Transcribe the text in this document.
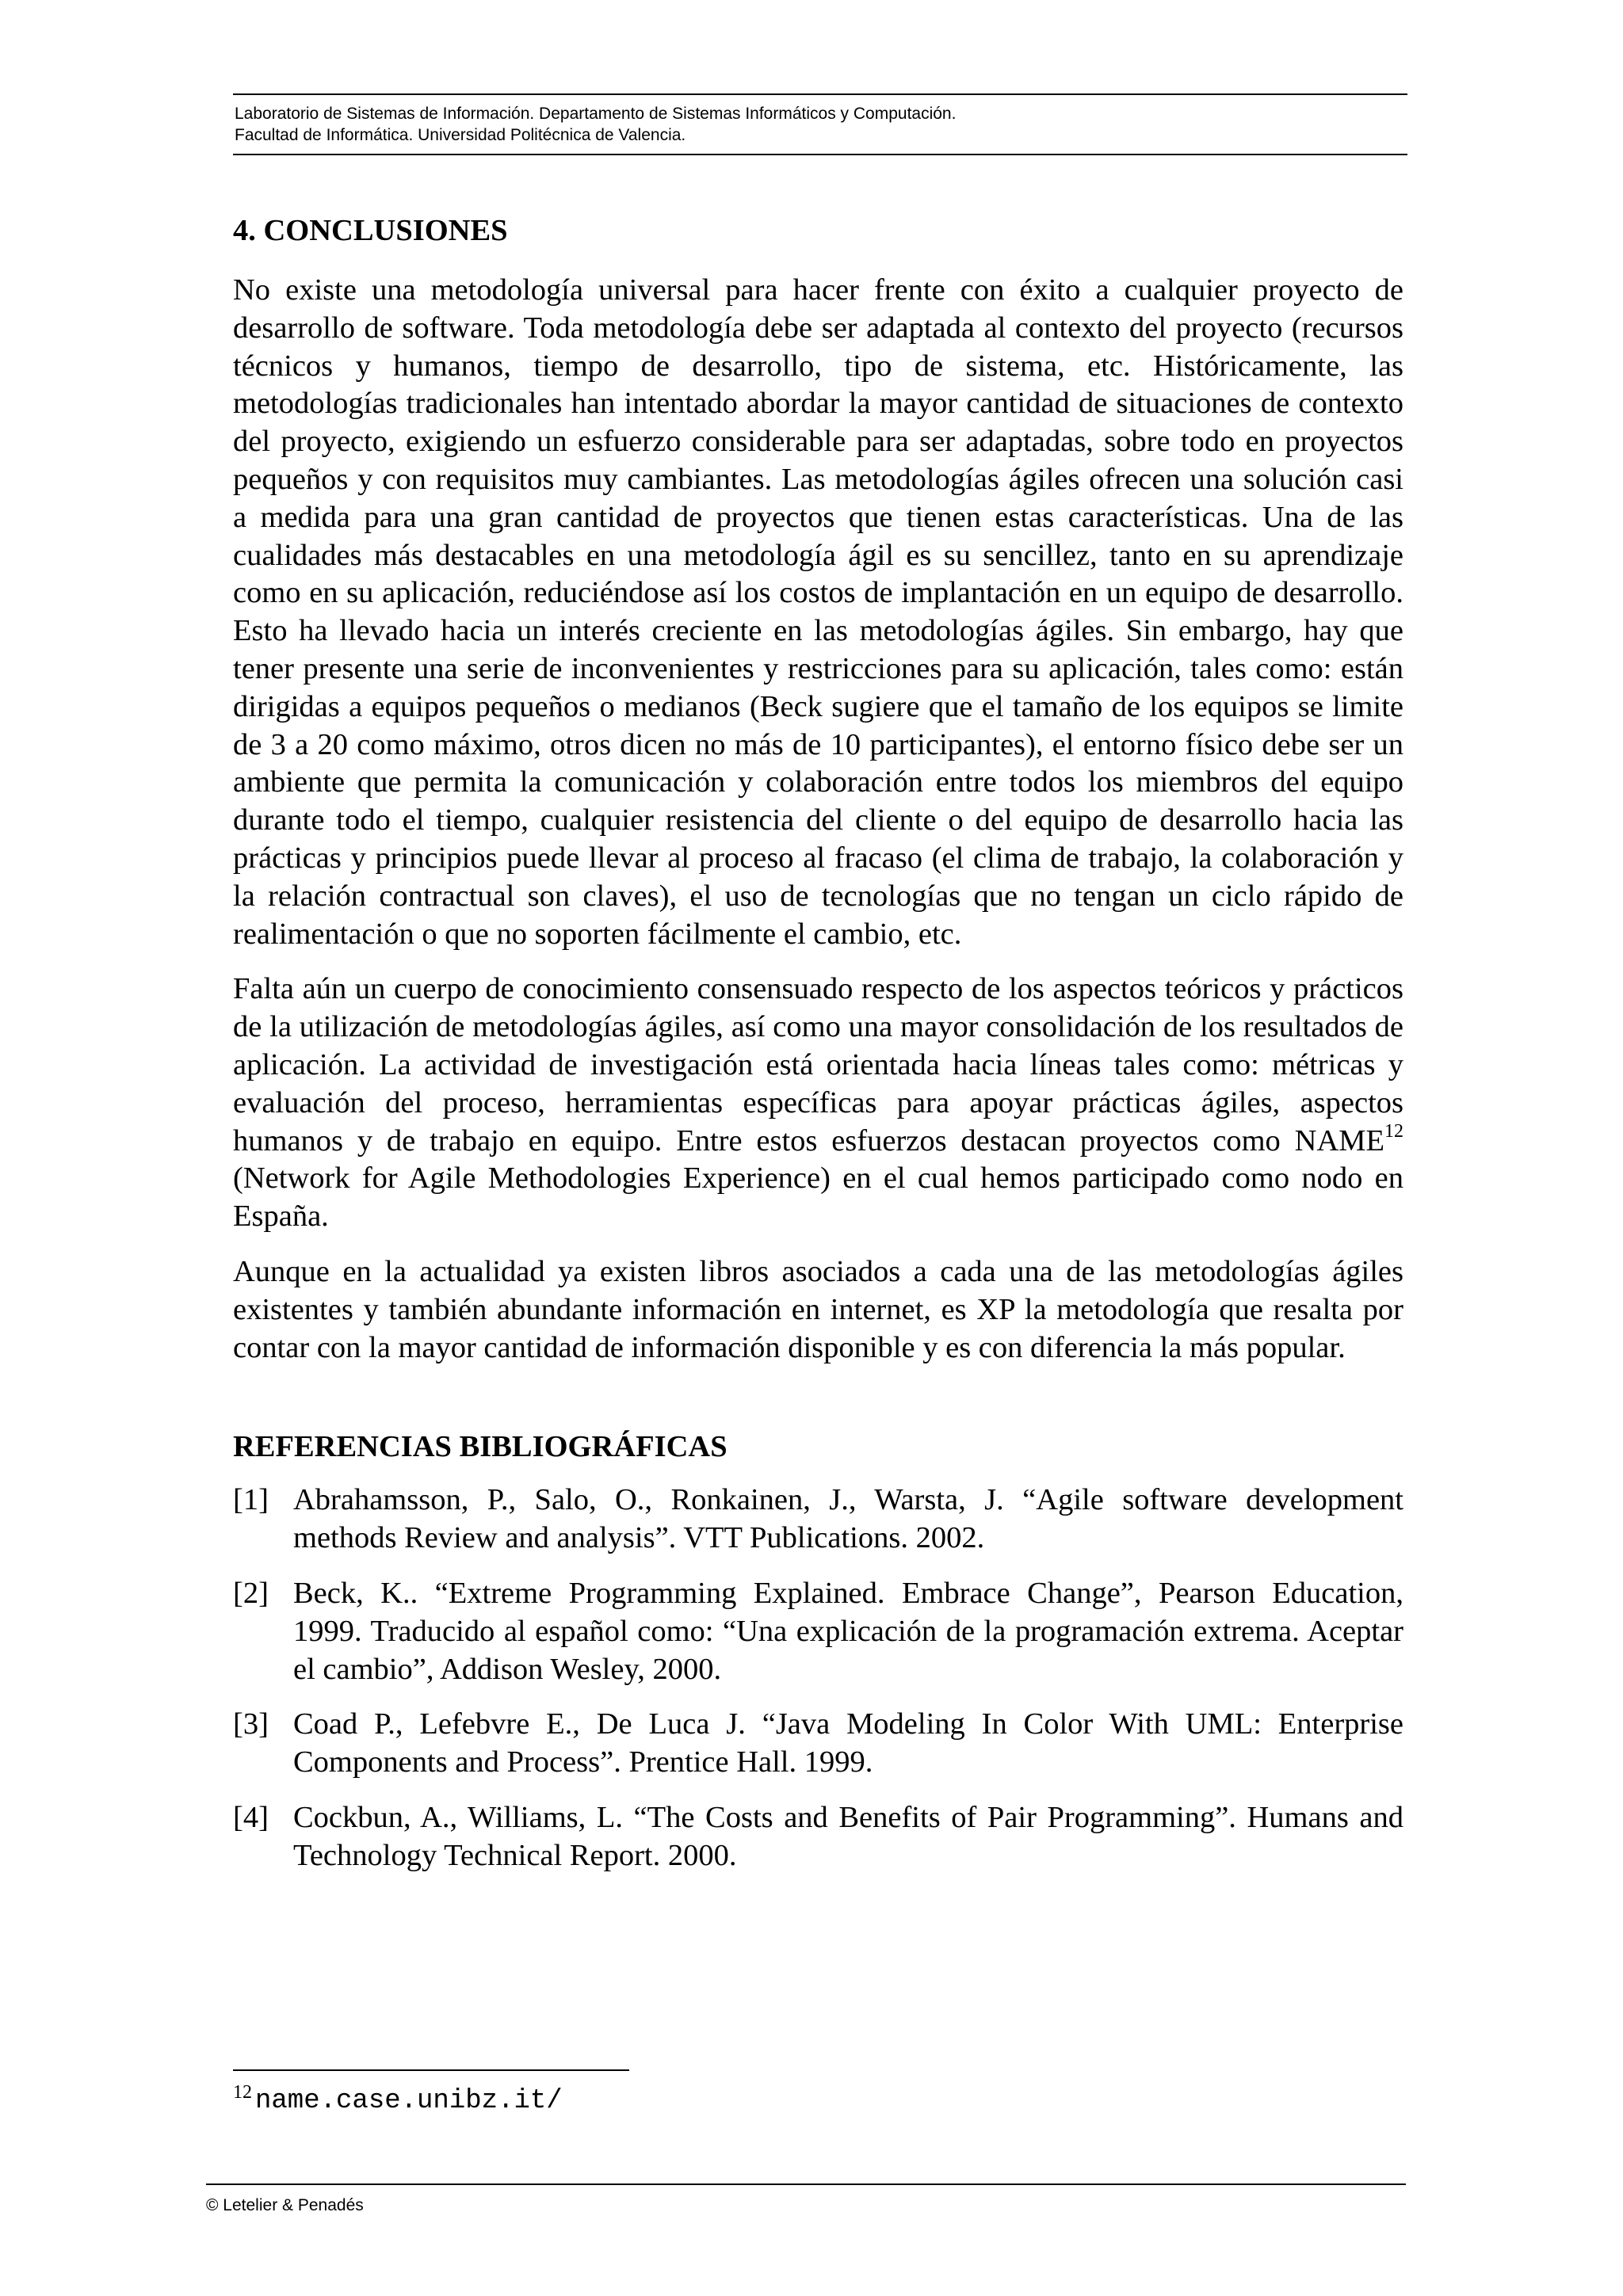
Laboratorio de Sistemas de Información. Departamento de Sistemas Informáticos y Computación.
Facultad de Informática. Universidad Politécnica de Valencia.
4. CONCLUSIONES

No existe una metodología universal para hacer frente con éxito a cualquier proyecto de desarrollo de software. Toda metodología debe ser adaptada al contexto del proyecto (recursos técnicos y humanos, tiempo de desarrollo, tipo de sistema, etc. Históricamente, las metodologías tradicionales han intentado abordar la mayor cantidad de situaciones de contexto del proyecto, exigiendo un esfuerzo considerable para ser adaptadas, sobre todo en proyectos pequeños y con requisitos muy cambiantes. Las metodologías ágiles ofrecen una solución casi a medida para una gran cantidad de proyectos que tienen estas características. Una de las cualidades más destacables en una metodología ágil es su sencillez, tanto en su aprendizaje como en su aplicación, reduciéndose así los costos de implantación en un equipo de desarrollo. Esto ha llevado hacia un interés creciente en las metodologías ágiles. Sin embargo, hay que tener presente una serie de inconvenientes y restricciones para su aplicación, tales como: están dirigidas a equipos pequeños o medianos (Beck sugiere que el tamaño de los equipos se limite de 3 a 20 como máximo, otros dicen no más de 10 participantes), el entorno físico debe ser un ambiente que permita la comunicación y colaboración entre todos los miembros del equipo durante todo el tiempo, cualquier resistencia del cliente o del equipo de desarrollo hacia las prácticas y principios puede llevar al proceso al fracaso (el clima de trabajo, la colaboración y la relación contractual son claves), el uso de tecnologías que no tengan un ciclo rápido de realimentación o que no soporten fácilmente el cambio, etc.

Falta aún un cuerpo de conocimiento consensuado respecto de los aspectos teóricos y prácticos de la utilización de metodologías ágiles, así como una mayor consolidación de los resultados de aplicación. La actividad de investigación está orientada hacia líneas tales como: métricas y evaluación del proceso, herramientas específicas para apoyar prácticas ágiles, aspectos humanos y de trabajo en equipo. Entre estos esfuerzos destacan proyectos como NAME$^{12}$ (Network for Agile Methodologies Experience) en el cual hemos participado como nodo en España.

Aunque en la actualidad ya existen libros asociados a cada una de las metodologías ágiles existentes y también abundante información en internet, es XP la metodología que resalta por contar con la mayor cantidad de información disponible y es con diferencia la más popular.

REFERENCIAS BIBLIOGRÁFICAS
[1] Abrahamsson, P., Salo, O., Ronkainen, J., Warsta, J. “Agile software development methods Review and analysis”. VTT Publications. 2002.
[2] Beck, K.. “Extreme Programming Explained. Embrace Change”, Pearson Education, 1999. Traducido al español como: “Una explicación de la programación extrema. Aceptar el cambio”, Addison Wesley, 2000.
[3] Coad P., Lefebvre E., De Luca J. “Java Modeling In Color With UML: Enterprise Components and Process”. Prentice Hall. 1999.
[4] Cockbun, A., Williams, L. “The Costs and Benefits of Pair Programming”. Humans and Technology Technical Report. 2000.
12 name.case.unibz.it/
© Letelier & Penadés
